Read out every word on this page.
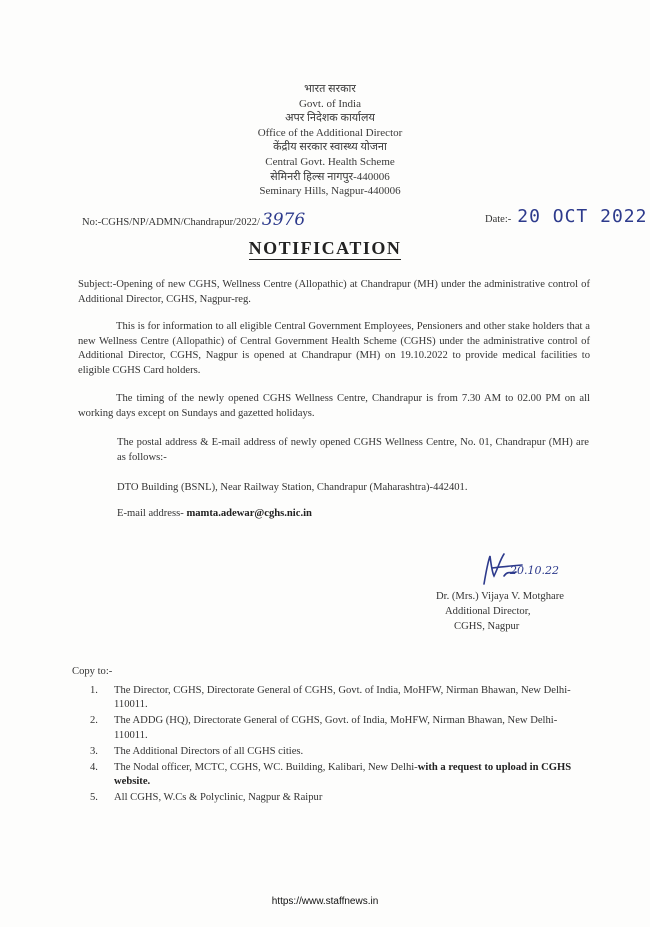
भारत सरकार
Govt. of India
अपर निदेशक कार्यालय
Office of the Additional Director
केंद्रीय सरकार स्वास्थ्य योजना
Central Govt. Health Scheme
सेमिनरी हिल्स नागपुर-440006
Seminary Hills, Nagpur-440006
No:-CGHS/NP/ADMN/Chandrapur/2022/ 3976	Date:- 20 OCT 2022
NOTIFICATION
Subject:-Opening of new CGHS, Wellness Centre (Allopathic) at Chandrapur (MH) under the administrative control of Additional Director, CGHS, Nagpur-reg.
This is for information to all eligible Central Government Employees, Pensioners and other stake holders that a new Wellness Centre (Allopathic) of Central Government Health Scheme (CGHS) under the administrative control of Additional Director, CGHS, Nagpur is opened at Chandrapur (MH) on 19.10.2022 to provide medical facilities to eligible CGHS Card holders.
The timing of the newly opened CGHS Wellness Centre, Chandrapur is from 7.30 AM to 02.00 PM on all working days except on Sundays and gazetted holidays.
The postal address & E-mail address of newly opened CGHS Wellness Centre, No. 01, Chandrapur (MH) are as follows:-
DTO Building (BSNL), Near Railway Station, Chandrapur (Maharashtra)-442401.
E-mail address- mamta.adewar@cghs.nic.in
20.10.22
Dr. (Mrs.) Vijaya V. Motghare
Additional Director,
CGHS, Nagpur
Copy to:-
1.	The Director, CGHS, Directorate General of CGHS, Govt. of India, MoHFW, Nirman Bhawan, New Delhi-110011.
2.	The ADDG (HQ), Directorate General of CGHS, Govt. of India, MoHFW, Nirman Bhawan, New Delhi-110011.
3.	The Additional Directors of all CGHS cities.
4.	The Nodal officer, MCTC, CGHS, WC. Building, Kalibari, New Delhi-with a request to upload in CGHS website.
5.	All CGHS, W.Cs & Polyclinic, Nagpur & Raipur
https://www.staffnews.in
